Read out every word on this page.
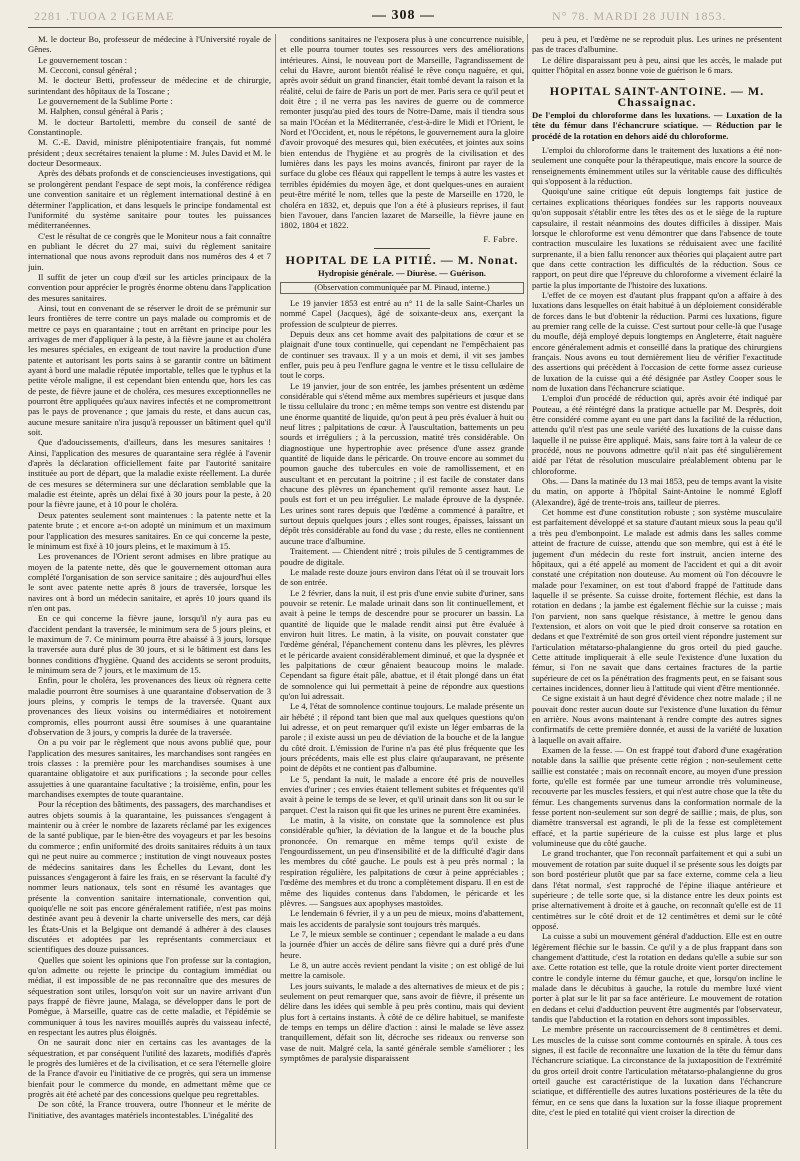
2281 .TUOA 2 IGEMAE	— 308 —	N° 78. MARDI 28 JUIN 1853.

M. le docteur Bo, professeur de médecine à l'Université royale de Gênes.

Le gouvernement toscan :

M. Cecconi, consul général ;

M. le docteur Betti, professeur de médecine et de chirurgie, surintendant des hôpitaux de la Toscane ;

Le gouvernement de la Sublime Porte :

M. Halphen, consul général à Paris ;

M. le docteur Bartoletti, membre du conseil de santé de Constantinople.

M. C.-E. David, ministre plénipotentiaire français, fut nommé président ; deux secrétaires tenaient la plume : M. Jules David et M. le docteur Desormeaux.

Après des débats profonds et de consciencieuses investigations, qui se prolongèrent pendant l'espace de sept mois, la conférence rédigea une convention sanitaire et un règlement international destiné à en déterminer l'application, et dans lesquels le principe fondamental est l'uniformité du système sanitaire pour toutes les puissances méditerranéennes.

C'est le résultat de ce congrès que le Moniteur nous a fait connaître en publiant le décret du 27 mai, suivi du règlement sanitaire international que nous avons reproduit dans nos numéros des 4 et 7 juin.

Il suffit de jeter un coup d'œil sur les articles principaux de la convention pour apprécier le progrès énorme obtenu dans l'application des mesures sanitaires.

Ainsi, tout en convenant de se réserver le droit de se prémunir sur leurs frontières de terre contre un pays malade ou compromis et de mettre ce pays en quarantaine ; tout en arrêtant en principe pour les arrivages de mer d'appliquer à la peste, à la fièvre jaune et au choléra les mesures spéciales, en exigeant de tout navire la production d'une patente et autorisant les ports sains à se garantir contre un bâtiment ayant à bord une maladie réputée importable, telles que le typhus et la petite vérole maligne, il est cependant bien entendu que, hors les cas de peste, de fièvre jaune et de choléra, ces mesures exceptionnelles ne pourront être appliquées qu'aux navires infectés et ne compromettront pas le pays de provenance ; que jamais du reste, et dans aucun cas, aucune mesure sanitaire n'ira jusqu'à repousser un bâtiment quel qu'il soit.

Que d'adoucissements, d'ailleurs, dans les mesures sanitaires ! Ainsi, l'application des mesures de quarantaine sera réglée à l'avenir d'après la déclaration officiellement faite par l'autorité sanitaire instituée au port de départ, que la maladie existe réellement. La durée de ces mesures se déterminera sur une déclaration semblable que la maladie est éteinte, après un délai fixé à 30 jours pour la peste, à 20 pour la fièvre jaune, et à 10 pour le choléra.

Deux patentes seulement sont maintenues : la patente nette et la patente brute ; et encore a-t-on adopté un minimum et un maximum pour l'application des mesures sanitaires. En ce qui concerne la peste, le minimum est fixé à 10 jours pleins, et le maximum à 15.

Les provenances de l'Orient seront admises en libre pratique au moyen de la patente nette, dès que le gouvernement ottoman aura complété l'organisation de son service sanitaire ; dès aujourd'hui elles le sont avec patente nette après 8 jours de traversée, lorsque les navires ont à bord un médecin sanitaire, et après 10 jours quand ils n'en ont pas.

En ce qui concerne la fièvre jaune, lorsqu'il n'y aura pas eu d'accident pendant la traversée, le minimum sera de 5 jours pleins, et le maximum de 7. Ce minimum pourra être abaissé à 3 jours, lorsque la traversée aura duré plus de 30 jours, et si le bâtiment est dans les bonnes conditions d'hygiène. Quand des accidents se seront produits, le minimum sera de 7 jours, et le maximum de 15.

Enfin, pour le choléra, les provenances des lieux où règnera cette maladie pourront être soumises à une quarantaine d'observation de 3 jours pleins, y compris le temps de la traversée. Quant aux provenances des lieux voisins ou intermédiaires et notoirement compromis, elles pourront aussi être soumises à une quarantaine d'observation de 3 jours, y compris la durée de la traversée.

On a pu voir par le règlement que nous avons publié que, pour l'application des mesures sanitaires, les marchandises sont rangées en trois classes : la première pour les marchandises soumises à une quarantaine obligatoire et aux purifications ; la seconde pour celles assujetties à une quarantaine facultative ; la troisième, enfin, pour les marchandises exemptes de toute quarantaine.

Pour la réception des bâtiments, des passagers, des marchandises et autres objets soumis à la quarantaine, les puissances s'engagent à maintenir ou à créer le nombre de lazarets réclamé par les exigences de la santé publique, par le bien-être des voyageurs et par les besoins du commerce ; enfin uniformité des droits sanitaires réduits à un taux qui ne peut nuire au commerce ; institution de vingt nouveaux postes de médecins sanitaires dans les Échelles du Levant, dont les puissances s'engageront à faire les frais, en se réservant la faculté d'y nommer leurs nationaux, tels sont en résumé les avantages que présente la convention sanitaire internationale, convention qui, quoiqu'elle ne soit pas encore généralement ratifiée, n'est pas moins destinée avant peu à devenir la charte universelle des mers, car déjà les États-Unis et la Belgique ont demandé à adhérer à des clauses discutées et adoptées par les représentants commerciaux et scientifiques des douze puissances.

Quelles que soient les opinions que l'on professe sur la contagion, qu'on admette ou rejette le principe du contagium immédiat ou médiat, il est impossible de ne pas reconnaître que des mesures de séquestration sont utiles, lorsqu'on voit sur un navire arrivant d'un pays frappé de fièvre jaune, Malaga, se développer dans le port de Pomègue, à Marseille, quatre cas de cette maladie, et l'épidémie se communiquer à tous les navires mouillés auprès du vaisseau infecté, en respectant les autres plus éloignés.

On ne saurait donc nier en certains cas les avantages de la séquestration, et par conséquent l'utilité des lazarets, modifiés d'après le progrès des lumières et de la civilisation, et ce sera l'éternelle gloire de la France d'avoir eu l'initiative de ce progrès, qui sera un immense bienfait pour le commerce du monde, en admettant même que ce progrès ait été acheté par des concessions quelque peu regrettables.

De son côté, la France trouvera, outre l'honneur et le mérite de l'initiative, des avantages matériels incontestables. L'inégalité des

conditions sanitaires ne l'exposera plus à une concurrence nuisible, et elle pourra tourner toutes ses ressources vers des améliorations intérieures. Ainsi, le nouveau port de Marseille, l'agrandissement de celui du Havre, auront bientôt réalisé le rêve conçu naguère, et qui, après avoir séduit un grand financier, était tombé devant la raison et la réalité, celui de faire de Paris un port de mer. Paris sera ce qu'il peut et doit être ; il ne verra pas les navires de guerre ou de commerce remonter jusqu'au pied des tours de Notre-Dame, mais il tiendra sous sa main l'Océan et la Méditerranée, c'est-à-dire le Midi et l'Orient, le Nord et l'Occident, et, nous le répétons, le gouvernement aura la gloire d'avoir provoqué des mesures qui, bien exécutées, et jointes aux soins bien entendus de l'hygiène et au progrès de la civilisation et des lumières dans les pays les moins avancés, finiront par rayer de la surface du globe ces fléaux qui rappellent le temps à autre les vastes et terribles épidémies du moyen âge, et dont quelques-unes en auraient peut-être mérité le nom, telles que la peste de Marseille en 1720, le choléra en 1832, et, depuis que l'on a été à plusieurs reprises, il faut bien l'avouer, dans l'ancien lazaret de Marseille, la fièvre jaune en 1802, 1804 et 1822.

F. Fabre.

HOPITAL DE LA PITIÉ. — M. Nonat.
Hydropisie générale. — Diurèse. — Guérison.
(Observation communiquée par M. Pinaud, interne.)

Le 19 janvier 1853 est entré au n° 11 de la salle Saint-Charles un nommé Capel (Jacques), âgé de soixante-deux ans, exerçant la profession de sculpteur de pierres.

Depuis deux ans cet homme avait des palpitations de cœur et se plaignait d'une toux continuelle, qui cependant ne l'empêchaient pas de continuer ses travaux. Il y a un mois et demi, il vit ses jambes enfler, puis peu à peu l'enflure gagna le ventre et le tissu cellulaire de tout le corps.

Le 19 janvier, jour de son entrée, les jambes présentent un œdème considérable qui s'étend même aux membres supérieurs et jusque dans le tissu cellulaire du tronc ; en même temps son ventre est distendu par une énorme quantité de liquide, qu'on peut à peu près évaluer à huit ou neuf litres ; palpitations de cœur. À l'auscultation, battements un peu sourds et irréguliers ; à la percussion, matité très considérable. On diagnostique une hypertrophie avec présence d'une assez grande quantité de liquide dans le péricarde. On trouve encore au sommet du poumon gauche des tubercules en voie de ramollissement, et en auscultant et en percutant la poitrine ; il est facile de constater dans chacune des plèvres un épanchement qu'il remonte assez haut. Le pouls est fort et un peu irrégulier. Le malade éprouve de la dyspnée. Les urines sont rares depuis que l'œdème a commencé à paraître, et surtout depuis quelques jours ; elles sont rouges, épaisses, laissant un dépôt très considérable au fond du vase ; du reste, elles ne contiennent aucune trace d'albumine.

Traitement. — Chiendent nitré ; trois pilules de 5 centigrammes de poudre de digitale.

Le malade reste douze jours environ dans l'état où il se trouvait lors de son entrée.

Le 2 février, dans la nuit, il est pris d'une envie subite d'uriner, sans pouvoir se retenir. Le malade urinait dans son lit continuellement, et avait à peine le temps de descendre pour se procurer un bassin. La quantité de liquide que le malade rendit ainsi put être évaluée à environ huit litres. Le matin, à la visite, on pouvait constater que l'œdème général, l'épanchement contenu dans les plèvres, les plèvres et le péricarde avaient considérablement diminué, et que la dyspnée et les palpitations de cœur gênaient beaucoup moins le malade. Cependant sa figure était pâle, abattue, et il était plongé dans un état de somnolence qui lui permettait à peine de répondre aux questions qu'on lui adressait.

Le 4, l'état de somnolence continue toujours. Le malade présente un air hébété ; il répond tant bien que mal aux quelques questions qu'on lui adresse, et on peut remarquer qu'il existe un léger embarras de la parole ; il existe aussi un peu de déviation de la bouche et de la langue du côté droit. L'émission de l'urine n'a pas été plus fréquente que les jours précédents, mais elle est plus claire qu'auparavant, ne présente point de dépôts et ne contient pas d'albumine.

Le 5, pendant la nuit, le malade a encore été pris de nouvelles envies d'uriner ; ces envies étaient tellement subites et fréquentes qu'il avait à peine le temps de se lever, et qu'il urinait dans son lit ou sur le parquet. C'est la raison qui fit que les urines ne purent être examinées.

Le matin, à la visite, on constate que la somnolence est plus considérable qu'hier, la déviation de la langue et de la bouche plus prononcée. On remarque en même temps qu'il existe de l'engourdissement, un peu d'insensibilité et de la difficulté d'agir dans les membres du côté gauche. Le pouls est à peu près normal ; la respiration régulière, les palpitations de cœur à peine appréciables ; l'œdème des membres et du tronc a complètement disparu. Il en est de même des liquides contenus dans l'abdomen, le péricarde et les plèvres. — Sangsues aux apophyses mastoïdes.

Le lendemain 6 février, il y a un peu de mieux, moins d'abattement, mais les accidents de paralysie sont toujours très marqués.

Le 7, le mieux semble se continuer ; cependant le malade a eu dans la journée d'hier un accès de délire sans fièvre qui a duré près d'une heure.

Le 8, un autre accès revient pendant la visite ; on est obligé de lui mettre la camisole.

Les jours suivants, le malade a des alternatives de mieux et de pis ; seulement on peut remarquer que, sans avoir de fièvre, il présente un délire dans les idées qui semble à peu près continu, mais qui devient plus fort à certains instants. À côté de ce délire habituel, se manifeste de temps en temps un délire d'action : ainsi le malade se lève assez tranquillement, défait son lit, décroche ses rideaux ou renverse son vase de nuit. Malgré cela, la santé générale semble s'améliorer ; les symptômes de paralysie disparaissent

peu à peu, et l'œdème ne se reproduit plus. Les urines ne présentent pas de traces d'albumine.

Le délire disparaissant peu à peu, ainsi que les accès, le malade put quitter l'hôpital en assez bonne voie de guérison le 6 mars.

HOPITAL SAINT-ANTOINE. — M. Chassaignac.

De l'emploi du chloroforme dans les luxations. — Luxation de la tête du fémur dans l'échancrure sciatique. — Réduction par le procédé de la rotation en dehors aidé du chloroforme.

L'emploi du chloroforme dans le traitement des luxations a été non-seulement une conquête pour la thérapeutique, mais encore la source de renseignements éminemment utiles sur la véritable cause des difficultés qui s'opposent à la réduction.

Quoiqu'une saine critique eût depuis longtemps fait justice de certaines explications théoriques fondées sur les rapports nouveaux qu'on supposait s'établir entre les têtes des os et le siège de la rupture capsulaire, il restait néanmoins des doutes difficiles à dissiper. Mais lorsque le chloroforme est venu démontrer que dans l'absence de toute contraction musculaire les luxations se réduisaient avec une facilité surprenante, il a bien fallu renoncer aux théories qui plaçaient autre part que dans cette contraction les difficultés de la réduction. Sous ce rapport, on peut dire que l'épreuve du chloroforme a vivement éclairé la partie la plus importante de l'histoire des luxations.

L'effet de ce moyen est d'autant plus frappant qu'on a affaire à des luxations dans lesquelles on était habitué à un déploiement considérable de forces dans le but d'obtenir la réduction. Parmi ces luxations, figure au premier rang celle de la cuisse. C'est surtout pour celle-là que l'usage du moufle, déjà employé depuis longtemps en Angleterre, était naguère encore généralement admis et conseillé dans la pratique des chirurgiens français. Nous avons eu tout dernièrement lieu de vérifier l'exactitude des assertions qui précèdent à l'occasion de cette forme assez curieuse de luxation de la cuisse qui a été désignée par Astley Cooper sous le nom de luxation dans l'échancrure sciatique.

L'emploi d'un procédé de réduction qui, après avoir été indiqué par Pouteau, a été réintégré dans la pratique actuelle par M. Desprès, doit être considéré comme ayant eu une part dans la facilité de la réduction, attendu qu'il n'est pas une seule variété des luxations de la cuisse dans laquelle il ne puisse être appliqué. Mais, sans faire tort à la valeur de ce procédé, nous ne pouvons admettre qu'il n'ait pas été singulièrement aidé par l'état de résolution musculaire préalablement obtenu par le chloroforme.

Obs. — Dans la matinée du 13 mai 1853, peu de temps avant la visite du matin, on apporte à l'hôpital Saint-Antoine le nommé Egloff (Alexandre), âgé de trente-trois ans, tailleur de pierres.

Cet homme est d'une constitution robuste ; son système musculaire est parfaitement développé et sa stature d'autant mieux sous la peau qu'il a très peu d'embonpoint. Le malade est admis dans les salles comme atteint de fracture de cuisse, attendu que son membre, qui est à été le jugement d'un médecin du reste fort instruit, ancien interne des hôpitaux, qui a été appelé au moment de l'accident et qui a dit avoir constaté une crépitation non douteuse. Au moment où l'on découvre le malade pour l'examiner, on est tout d'abord frappé de l'attitude dans laquelle il se présente. Sa cuisse droite, fortement fléchie, est dans la rotation en dedans ; la jambe est également fléchie sur la cuisse ; mais l'on parvient, non sans quelque résistance, à mettre le genou dans l'extension, et alors on voit que le pied droit conserve sa rotation en dedans et que l'extrémité de son gros orteil vient répondre justement sur l'articulation métatarso-phalangienne du gros orteil du pied gauche. Cette attitude impliquerait à elle seule l'existence d'une luxation du fémur, si l'on ne savait que dans certaines fractures de la partie supérieure de cet os la pénétration des fragments peut, en se faisant sous certaines incidences, donner lieu à l'attitude qui vient d'être mentionnée.

Ce signe existait à un haut degré d'évidence chez notre malade ; il ne pouvait donc rester aucun doute sur l'existence d'une luxation du fémur en arrière. Nous avons maintenant à rendre compte des autres signes confirmatifs de cette première donnée, et aussi de la variété de luxation à laquelle on avait affaire.

Examen de la fesse. — On est frappé tout d'abord d'une exagération notable dans la saillie que présente cette région ; non-seulement cette saillie est constatée ; mais on reconnaît encore, au moyen d'une pression forte, qu'elle est formée par une tumeur arrondie très volumineuse, recouverte par les muscles fessiers, et qui n'est autre chose que la tête du fémur. Les changements survenus dans la conformation normale de la fesse portent non-seulement sur son degré de saillie ; mais, de plus, son diamètre transversal est agrandi, le pli de la fesse est complètement effacé, et la partie supérieure de la cuisse est plus large et plus volumineuse que du côté gauche.

Le grand trochanter, que l'on reconnaît parfaitement et qui a subi un mouvement de rotation par suite duquel il se présente sous les doigts par son bord postérieur plutôt que par sa face externe, comme cela a lieu dans l'état normal, s'est rapproché de l'épine iliaque antérieure et supérieure ; de telle sorte que, si la distance entre les deux points est prise alternativement à droite et à gauche, on reconnaît qu'elle est de 11 centimètres sur le côté droit et de 12 centimètres et demi sur le côté opposé.

La cuisse a subi un mouvement général d'adduction. Elle est en outre légèrement fléchie sur le bassin. Ce qu'il y a de plus frappant dans son changement d'attitude, c'est la rotation en dedans qu'elle a subie sur son axe. Cette rotation est telle, que la rotule droite vient porter directement contre le condyle interne du fémur gauche, et que, lorsqu'on incline le malade dans le décubitus à gauche, la rotule du membre luxé vient porter à plat sur le lit par sa face antérieure. Le mouvement de rotation en dedans et celui d'adduction peuvent être augmentés par l'observateur, tandis que l'abduction et la rotation en dehors sont impossibles.

Le membre présente un raccourcissement de 8 centimètres et demi. Les muscles de la cuisse sont comme contournés en spirale. À tous ces signes, il est facile de reconnaître une luxation de la tête du fémur dans l'échancrure sciatique. La circonstance de la juxtaposition de l'extrémité du gros orteil droit contre l'articulation métatarso-phalangienne du gros orteil gauche est caractéristique de la luxation dans l'échancrure sciatique, et différentielle des autres luxations postérieures de la tête du fémur, en ce sens que dans la luxation sur la fosse iliaque proprement dite, c'est le pied en totalité qui vient croiser la direction de
